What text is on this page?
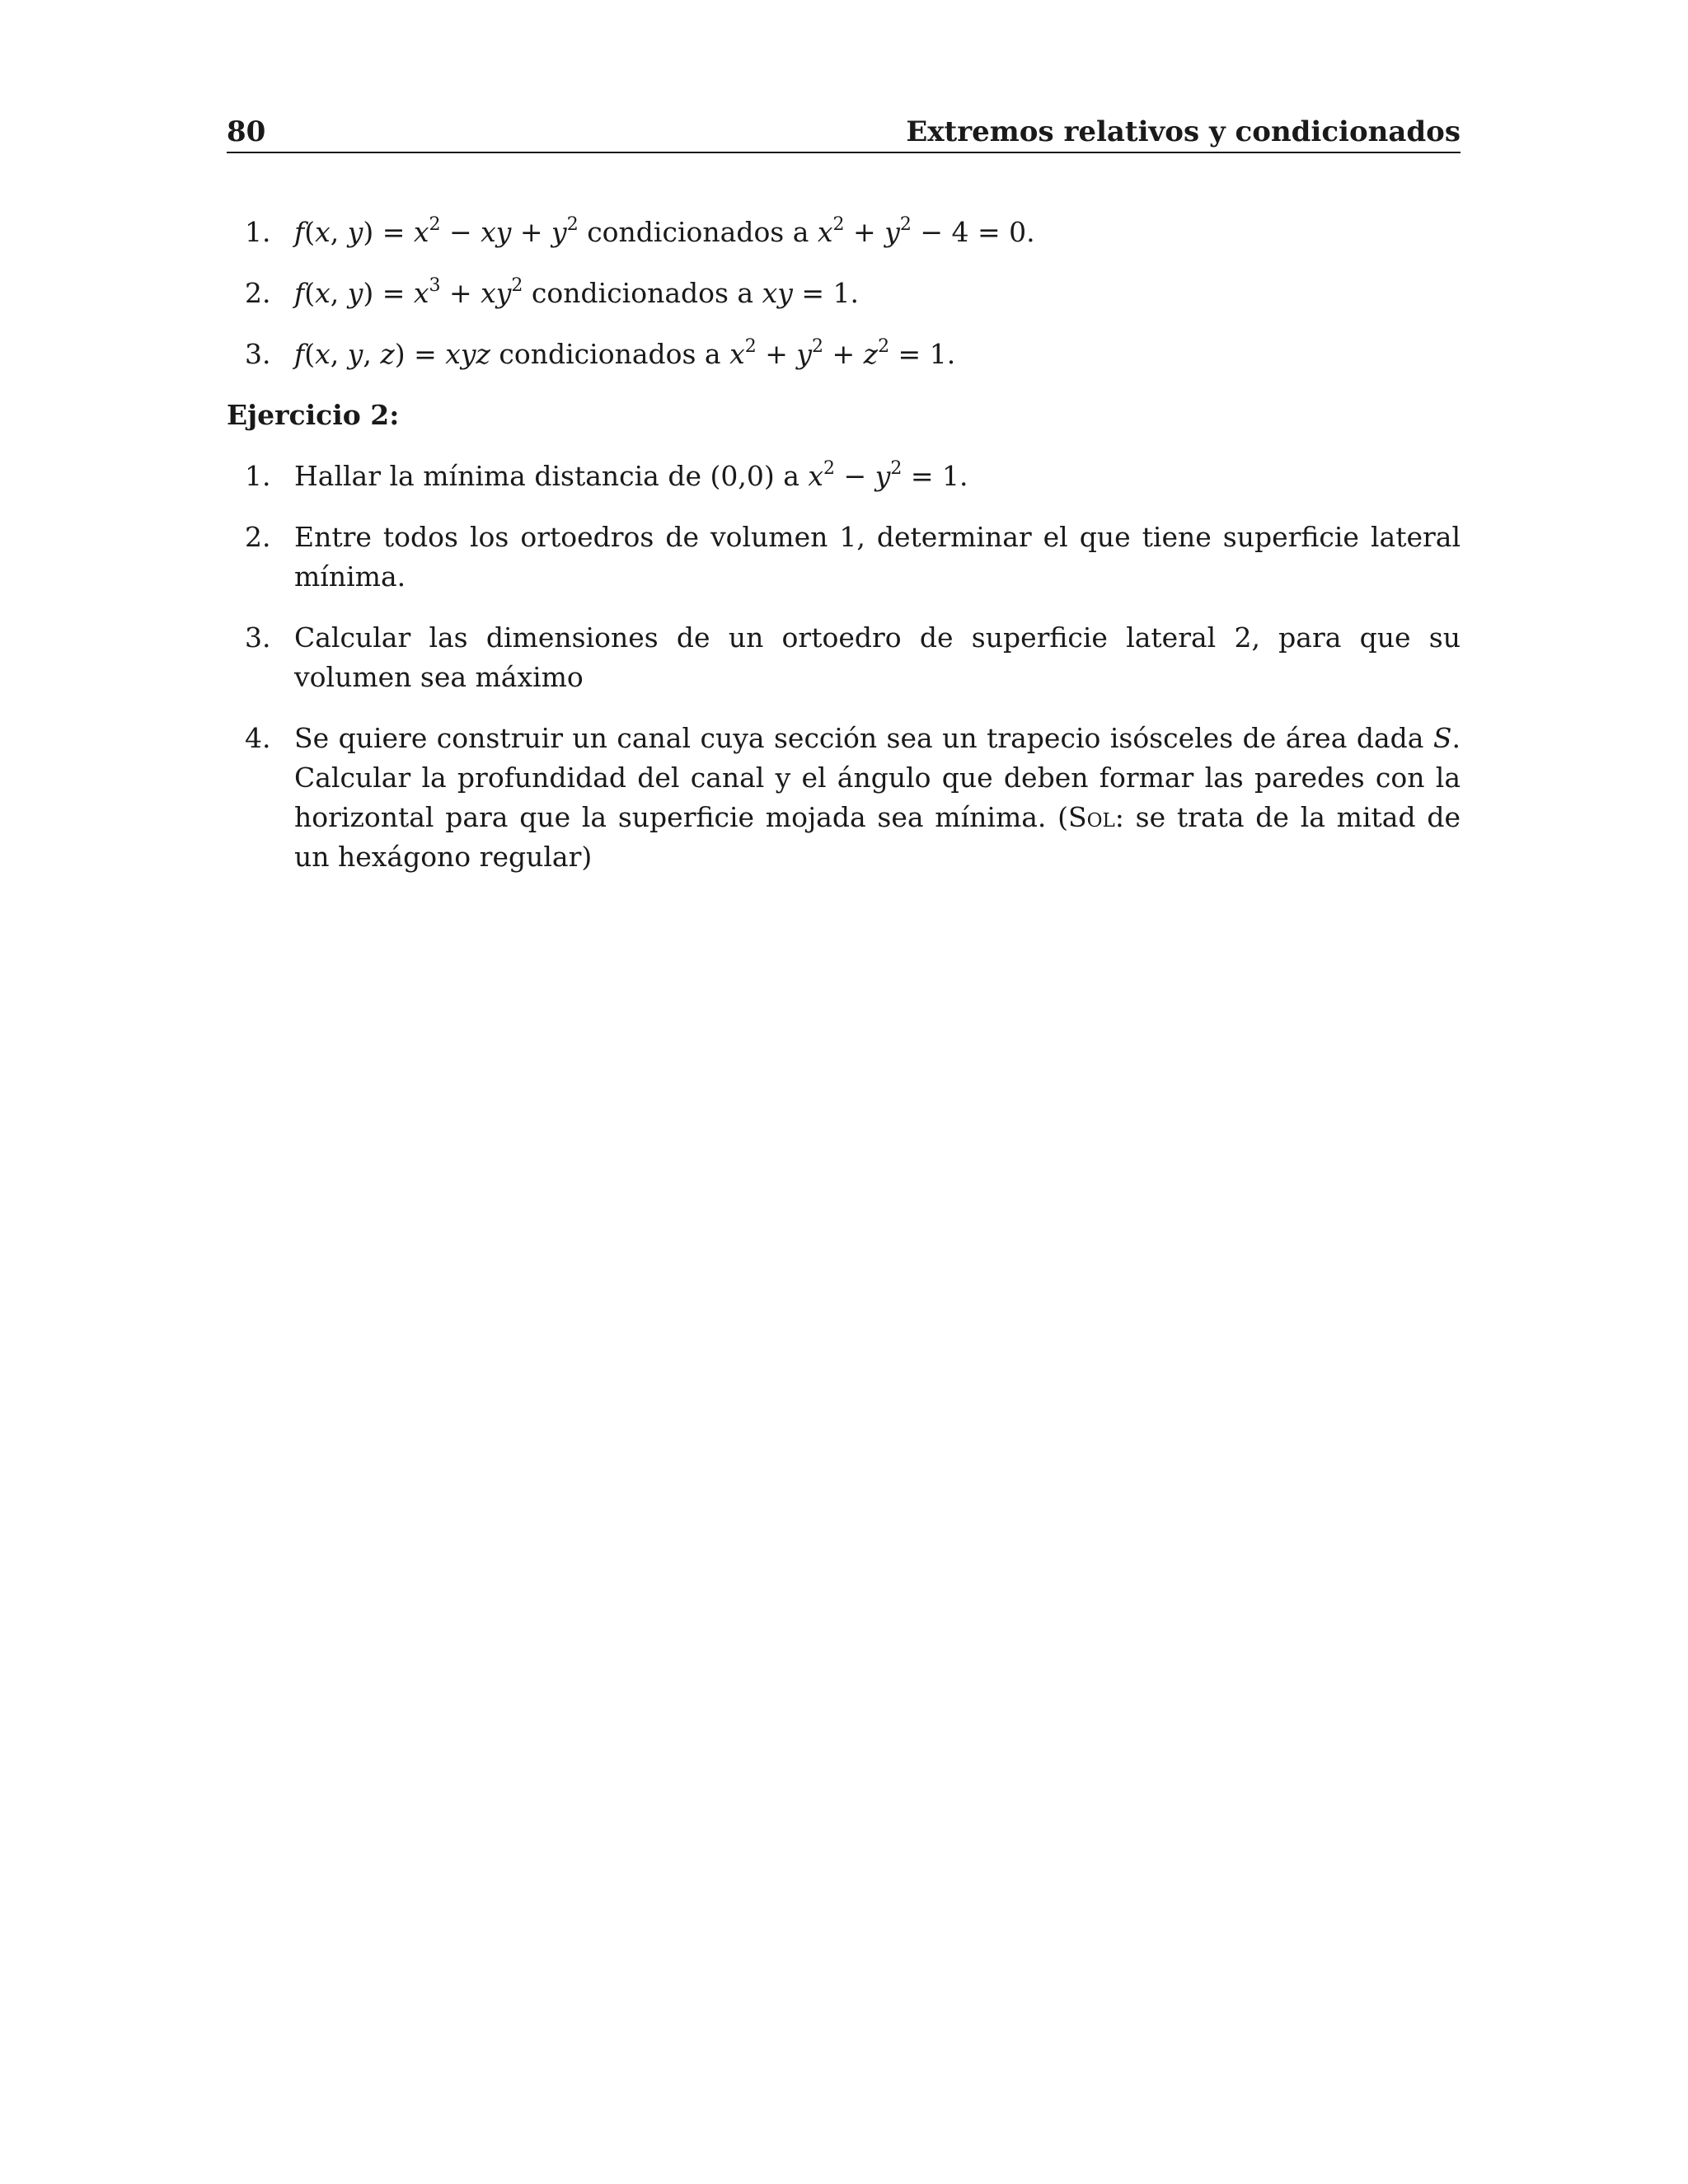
80	Extremos relativos y condicionados
1. f(x, $y) = x^2$ − xy + $y^2$ condicionados a $x^2 + y^2 - 4 = 0$.
2. f(x, $y) = x^3 + xy^2$ condicionados a xy = 1.
3. f(x, y, z) = xyz condicionados a $x^2 + y^2 + z^2 = 1$.
Ejercicio 2:
1. Hallar la mínima distancia de (0,0) a $x^2 - y^2 = 1$.
2. Entre todos los ortoedros de volumen 1, determinar el que tiene superficie lateral mínima.
3. Calcular las dimensiones de un ortoedro de superficie lateral 2, para que su volumen sea máximo
4. Se quiere construir un canal cuya sección sea un trapecio isósceles de área dada S. Calcular la profundidad del canal y el ángulo que deben formar las paredes con la horizontal para que la superficie mojada sea mínima. (Sol: se trata de la mitad de un hexágono regular)
